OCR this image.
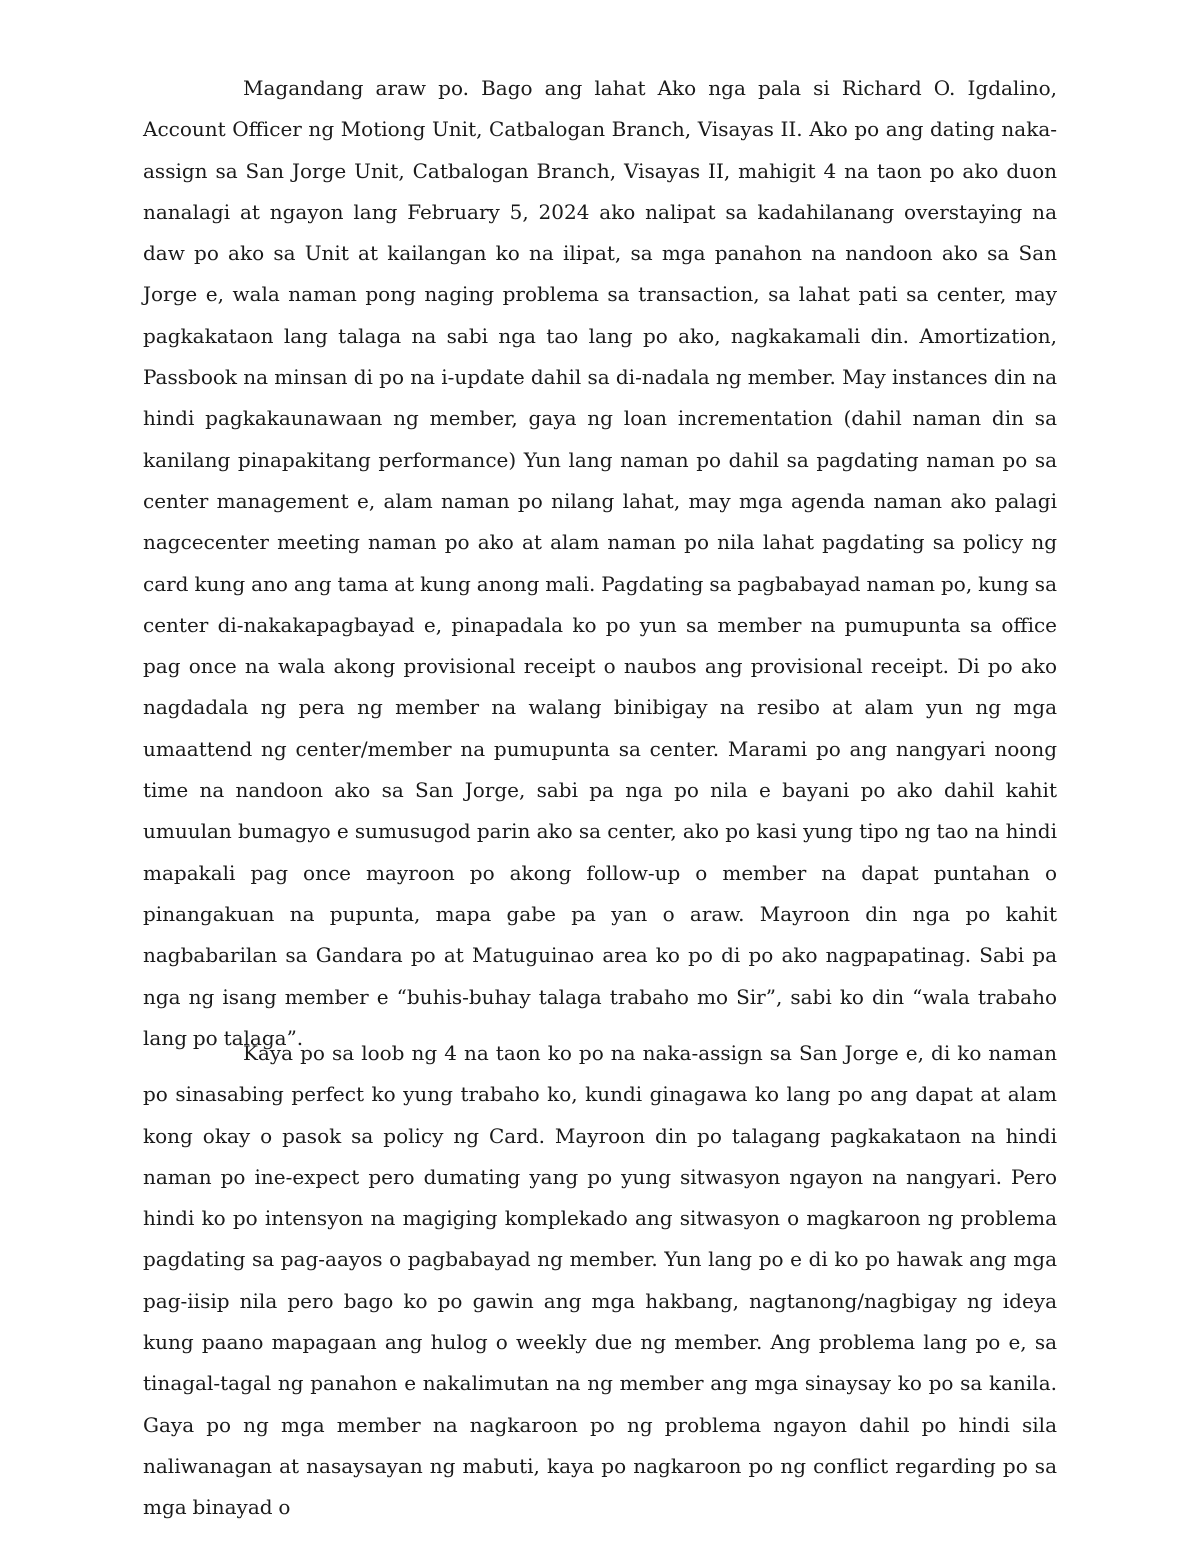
Magandang araw po. Bago ang lahat Ako nga pala si Richard O. Igdalino, Account Officer ng Motiong Unit, Catbalogan Branch, Visayas II. Ako po ang dating naka-assign sa San Jorge Unit, Catbalogan Branch, Visayas II, mahigit 4 na taon po ako duon nanalagi at ngayon lang February 5, 2024 ako nalipat sa kadahilanang overstaying na daw po ako sa Unit at kailangan ko na ilipat, sa mga panahon na nandoon ako sa San Jorge e, wala naman pong naging problema sa transaction, sa lahat pati sa center, may pagkakataon lang talaga na sabi nga tao lang po ako, nagkakamali din. Amortization, Passbook na minsan di po na i-update dahil sa di-nadala ng member. May instances din na hindi pagkakaunawaan ng member, gaya ng loan incrementation (dahil naman din sa kanilang pinapakitang performance) Yun lang naman po dahil sa pagdating naman po sa center management e, alam naman po nilang lahat, may mga agenda naman ako palagi nagcecenter meeting naman po ako at alam naman po nila lahat pagdating sa policy ng card kung ano ang tama at kung anong mali. Pagdating sa pagbabayad naman po, kung sa center di-nakakapagbayad e, pinapadala ko po yun sa member na pumupunta sa office pag once na wala akong provisional receipt o naubos ang provisional receipt. Di po ako nagdadala ng pera ng member na walang binibigay na resibo at alam yun ng mga umaattend ng center/member na pumupunta sa center. Marami po ang nangyari noong time na nandoon ako sa San Jorge, sabi pa nga po nila e bayani po ako dahil kahit umuulan bumagyo e sumusugod parin ako sa center, ako po kasi yung tipo ng tao na hindi mapakali pag once mayroon po akong follow-up o member na dapat puntahan o pinangakuan na pupunta, mapa gabe pa yan o araw. Mayroon din nga po kahit nagbabarilan sa Gandara po at Matuguinao area ko po di po ako nagpapatinag. Sabi pa nga ng isang member e “buhis-buhay talaga trabaho mo Sir”, sabi ko din “wala trabaho lang po talaga”.

Kaya po sa loob ng 4 na taon ko po na naka-assign sa San Jorge e, di ko naman po sinasabing perfect ko yung trabaho ko, kundi ginagawa ko lang po ang dapat at alam kong okay o pasok sa policy ng Card. Mayroon din po talagang pagkakataon na hindi naman po ine-expect pero dumating yang po yung sitwasyon ngayon na nangyari. Pero hindi ko po intensyon na magiging komplekado ang sitwasyon o magkaroon ng problema pagdating sa pag-aayos o pagbabayad ng member. Yun lang po e di ko po hawak ang mga pag-iisip nila pero bago ko po gawin ang mga hakbang, nagtanong/nagbigay ng ideya kung paano mapagaan ang hulog o weekly due ng member. Ang problema lang po e, sa tinagal-tagal ng panahon e nakalimutan na ng member ang mga sinaysay ko po sa kanila. Gaya po ng mga member na nagkaroon po ng problema ngayon dahil po hindi sila naliwanagan at nasaysayan ng mabuti, kaya po nagkaroon po ng conflict regarding po sa mga binayad o
